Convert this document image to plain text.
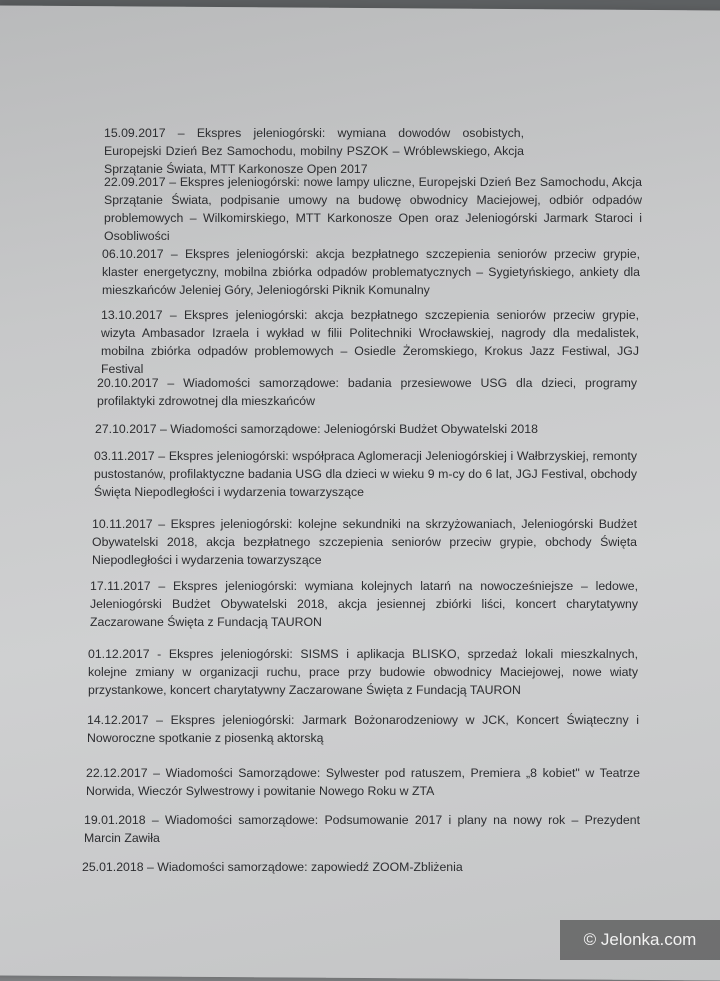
15.09.2017 – Ekspres jeleniogórski: wymiana dowodów osobistych, Europejski Dzień Bez Samochodu, mobilny PSZOK – Wróblewskiego, Akcja Sprzątanie Świata, MTT Karkonosze Open 2017

22.09.2017 – Ekspres jeleniogórski: nowe lampy uliczne, Europejski Dzień Bez Samochodu, Akcja Sprzątanie Świata, podpisanie umowy na budowę obwodnicy Maciejowej, odbiór odpadów problemowych – Wilkomirskiego, MTT Karkonosze Open oraz Jeleniogórski Jarmark Staroci i Osobliwości

06.10.2017 – Ekspres jeleniogórski: akcja bezpłatnego szczepienia seniorów przeciw grypie, klaster energetyczny, mobilna zbiórka odpadów problematycznych – Sygietyńskiego, ankiety dla mieszkańców Jeleniej Góry, Jeleniogórski Piknik Komunalny

13.10.2017 – Ekspres jeleniogórski: akcja bezpłatnego szczepienia seniorów przeciw grypie, wizyta Ambasador Izraela i wykład w filii Politechniki Wrocławskiej, nagrody dla medalistek, mobilna zbiórka odpadów problemowych – Osiedle Żeromskiego, Krokus Jazz Festiwal, JGJ Festival

20.10.2017 – Wiadomości samorządowe: badania przesiewowe USG dla dzieci, programy profilaktyki zdrowotnej dla mieszkańców

27.10.2017 – Wiadomości samorządowe: Jeleniogórski Budżet Obywatelski 2018

03.11.2017 – Ekspres jeleniogórski: współpraca Aglomeracji Jeleniogórskiej i Wałbrzyskiej, remonty pustostanów, profilaktyczne badania USG dla dzieci w wieku 9 m-cy do 6 lat, JGJ Festival, obchody Święta Niepodległości i wydarzenia towarzyszące

10.11.2017 – Ekspres jeleniogórski: kolejne sekundniki na skrzyżowaniach, Jeleniogórski Budżet Obywatelski 2018, akcja bezpłatnego szczepienia seniorów przeciw grypie, obchody Święta Niepodległości i wydarzenia towarzyszące

17.11.2017 – Ekspres jeleniogórski: wymiana kolejnych latarń na nowocześniejsze – ledowe, Jeleniogórski Budżet Obywatelski 2018, akcja jesiennej zbiórki liści, koncert charytatywny Zaczarowane Święta z Fundacją TAURON

01.12.2017 - Ekspres jeleniogórski: SISMS i aplikacja BLISKO, sprzedaż lokali mieszkalnych, kolejne zmiany w organizacji ruchu, prace przy budowie obwodnicy Maciejowej, nowe wiaty przystankowe, koncert charytatywny Zaczarowane Święta z Fundacją TAURON

14.12.2017 – Ekspres jeleniogórski: Jarmark Bożonarodzeniowy w JCK, Koncert Świąteczny i Noworoczne spotkanie z piosenką aktorską

22.12.2017 – Wiadomości Samorządowe: Sylwester pod ratuszem, Premiera „8 kobiet" w Teatrze Norwida, Wieczór Sylwestrowy i powitanie Nowego Roku w ZTA

19.01.2018 – Wiadomości samorządowe: Podsumowanie 2017 i plany na nowy rok – Prezydent Marcin Zawiła

25.01.2018 – Wiadomości samorządowe: zapowiedź ZOOM-Zbliżenia

© Jelonka.com
